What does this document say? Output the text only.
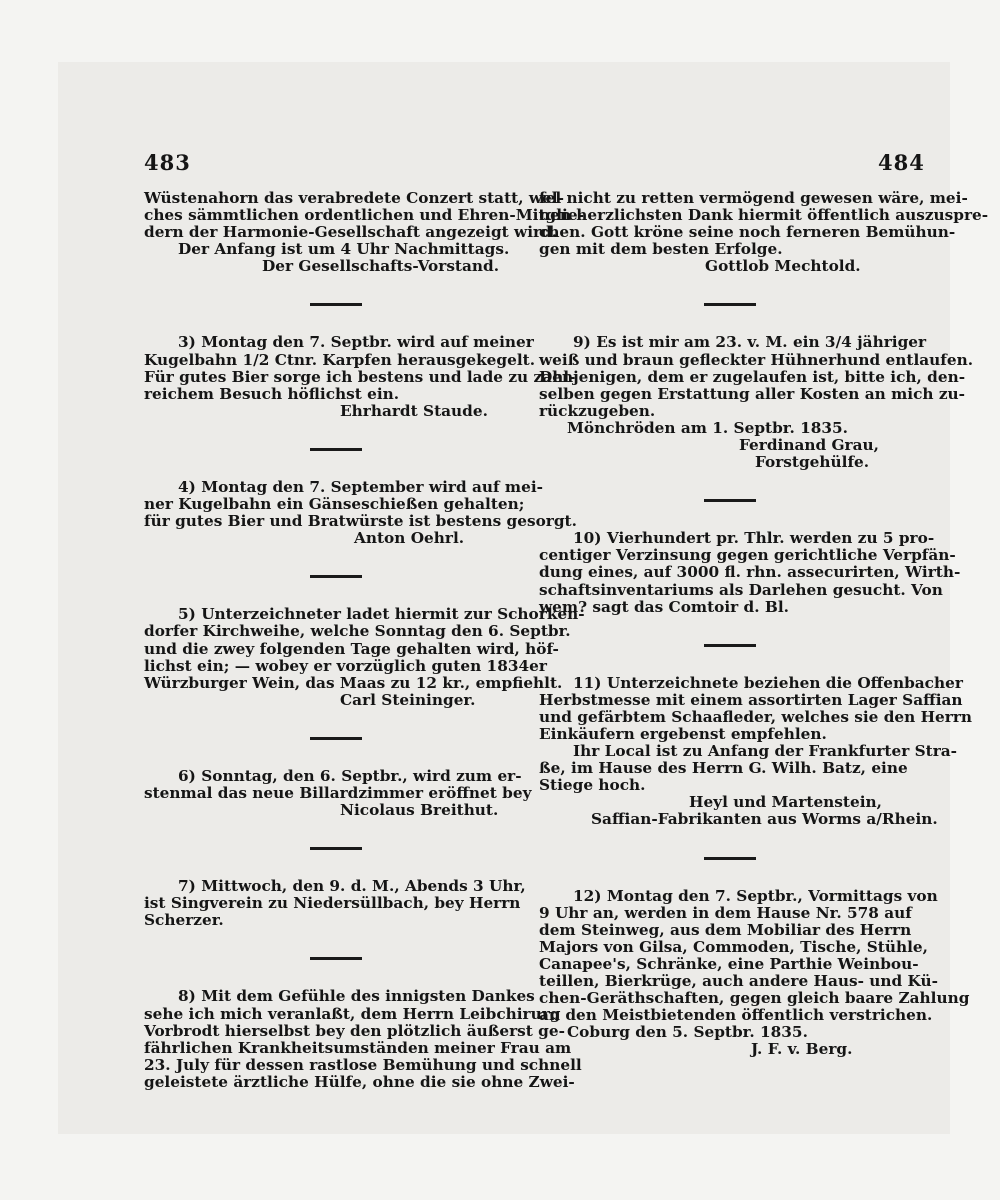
483	484
Wüstenahorn das verabredete Conzert statt, wel-
ches sämmtlichen ordentlichen und Ehren-Mitglie-
dern der Harmonie-Gesellschaft angezeigt wird.
Der Anfang ist um 4 Uhr Nachmittags.
Der Gesellschafts-Vorstand.
3) Montag den 7. Septbr. wird auf meiner
Kugelbahn 1/2 Ctnr. Karpfen herausgekegelt.
Für gutes Bier sorge ich bestens und lade zu zahl-
reichem Besuch höflichst ein.
Ehrhardt Staude.
4) Montag den 7. September wird auf mei-
ner Kugelbahn ein Gänseschießen gehalten;
für gutes Bier und Bratwürste ist bestens gesorgt.
Anton Oehrl.
5) Unterzeichneter ladet hiermit zur Schorken-
dorfer Kirchweihe, welche Sonntag den 6. Septbr.
und die zwey folgenden Tage gehalten wird, höf-
lichst ein; — wobey er vorzüglich guten 1834er
Würzburger Wein, das Maas zu 12 kr., empfiehlt.
Carl Steininger.
6) Sonntag, den 6. Septbr., wird zum er-
stenmal das neue Billardzimmer eröffnet bey
Nicolaus Breithut.
7) Mittwoch, den 9. d. M., Abends 3 Uhr,
ist Singverein zu Niedersüllbach, bey Herrn
Scherzer.
8) Mit dem Gefühle des innigsten Dankes
sehe ich mich veranlaßt, dem Herrn Leibchirurg
Vorbrodt hierselbst bey den plötzlich äußerst ge-
fährlichen Krankheitsumständen meiner Frau am
23. July für dessen rastlose Bemühung und schnell
geleistete ärztliche Hülfe, ohne die sie ohne Zwei-
fel nicht zu retten vermögend gewesen wäre, mei-
nen herzlichsten Dank hiermit öffentlich auszuspre-
chen. Gott kröne seine noch ferneren Bemühun-
gen mit dem besten Erfolge.
Gottlob Mechtold.
9) Es ist mir am 23. v. M. ein 3/4 jähriger
weiß und braun gefleckter Hühnerhund entlaufen.
Denjenigen, dem er zugelaufen ist, bitte ich, den-
selben gegen Erstattung aller Kosten an mich zu-
rückzugeben.
Mönchröden am 1. Septbr. 1835.
Ferdinand Grau,
Forstgehülfe.
10) Vierhundert pr. Thlr. werden zu 5 pro-
centiger Verzinsung gegen gerichtliche Verpfän-
dung eines, auf 3000 fl. rhn. assecurirten, Wirth-
schaftsinventariums als Darlehen gesucht. Von
wem? sagt das Comtoir d. Bl.
11) Unterzeichnete beziehen die Offenbacher
Herbstmesse mit einem assortirten Lager Saffian
und gefärbtem Schaafleder, welches sie den Herrn
Einkäufern ergebenst empfehlen.
Ihr Local ist zu Anfang der Frankfurter Stra-
ße, im Hause des Herrn G. Wilh. Batz, eine
Stiege hoch.
Heyl und Martenstein,
Saffian-Fabrikanten aus Worms a/Rhein.
12) Montag den 7. Septbr., Vormittags von
9 Uhr an, werden in dem Hause Nr. 578 auf
dem Steinweg, aus dem Mobiliar des Herrn
Majors von Gilsa, Commoden, Tische, Stühle,
Canapee's, Schränke, eine Parthie Weinbou-
teillen, Bierkrüge, auch andere Haus- und Kü-
chen-Geräthschaften, gegen gleich baare Zahlung
an den Meistbietenden öffentlich verstrichen.
Coburg den 5. Septbr. 1835.
J. F. v. Berg.
